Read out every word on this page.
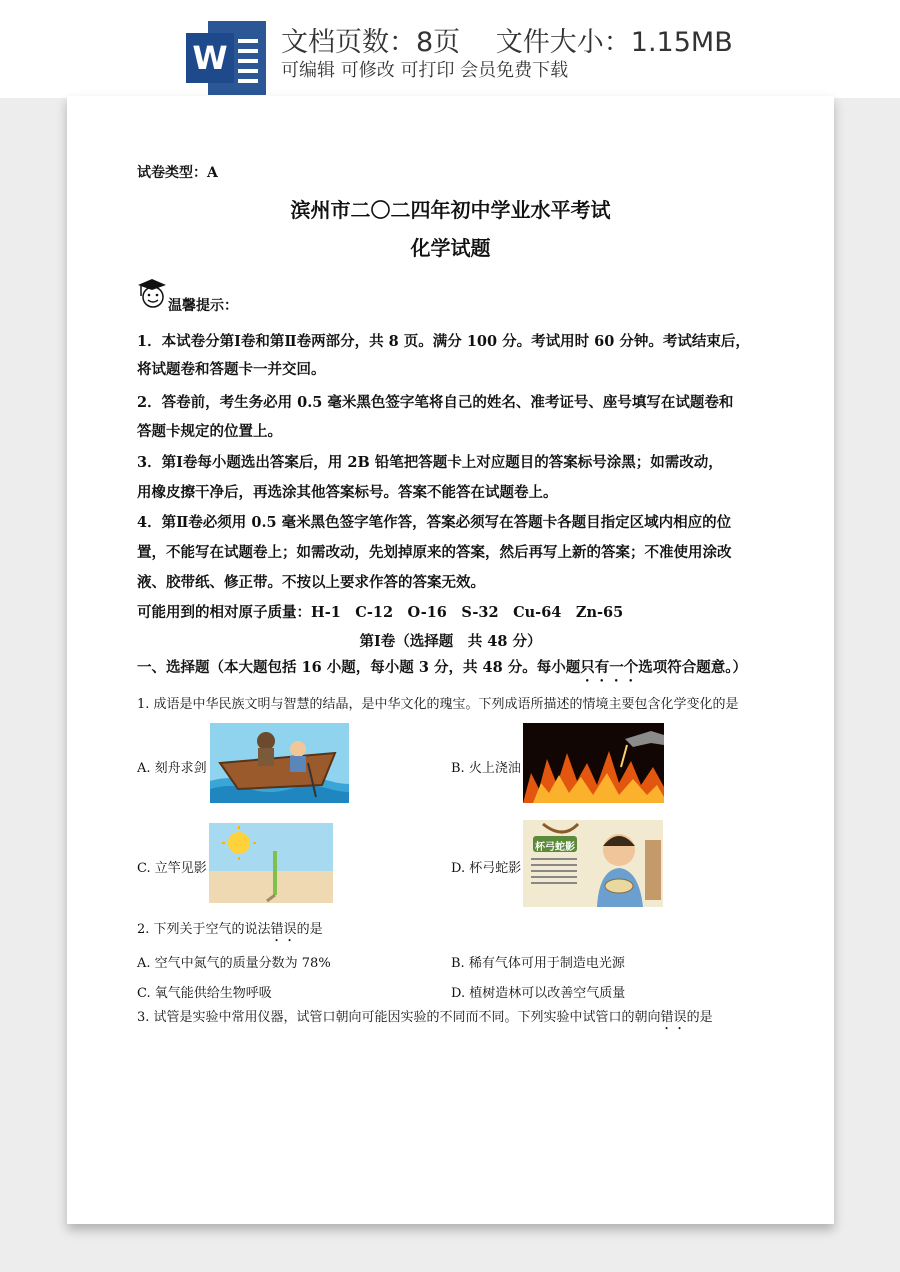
W 文档页数：8页　 文件大小：1.15MB
可编辑 可修改 可打印 会员免费下载
试卷类型：A
滨州市二〇二四年初中学业水平考试
化学试题
温馨提示：
1．本试卷分第Ⅰ卷和第Ⅱ卷两部分，共 8 页。满分 100 分。考试用时 60 分钟。考试结束后，
将试题卷和答题卡一并交回。
2．答卷前，考生务必用 0.5 毫米黑色签字笔将自己的姓名、准考证号、座号填写在试题卷和
答题卡规定的位置上。
3．第Ⅰ卷每小题选出答案后，用 2B 铅笔把答题卡上对应题目的答案标号涂黑；如需改动，
用橡皮擦干净后，再选涂其他答案标号。答案不能答在试题卷上。
4．第Ⅱ卷必须用 0.5 毫米黑色签字笔作答，答案必须写在答题卡各题目指定区域内相应的位
置，不能写在试题卷上；如需改动，先划掉原来的答案，然后再写上新的答案；不准使用涂改
液、胶带纸、修正带。不按以上要求作答的答案无效。
可能用到的相对原子质量：H-1　C-12　O-16　S-32　Cu-64　Zn-65
第Ⅰ卷（选择题　共 48 分）
一、选择题（本大题包括 16 小题，每小题 3 分，共 48 分。每小题只有一个选项符合题意。）
1. 成语是中华民族文明与智慧的结晶，是中华文化的瑰宝。下列成语所描述的情境主要包含化学变化的是
A. 刻舟求剑	B. 火上浇油
C. 立竿见影	D. 杯弓蛇影
杯弓蛇影
2. 下列关于空气的说法错误的是
A. 空气中氮气的质量分数为 78%	B. 稀有气体可用于制造电光源
C. 氧气能供给生物呼吸	D. 植树造林可以改善空气质量
3. 试管是实验中常用仪器，试管口朝向可能因实验的不同而不同。下列实验中试管口的朝向错误的是
